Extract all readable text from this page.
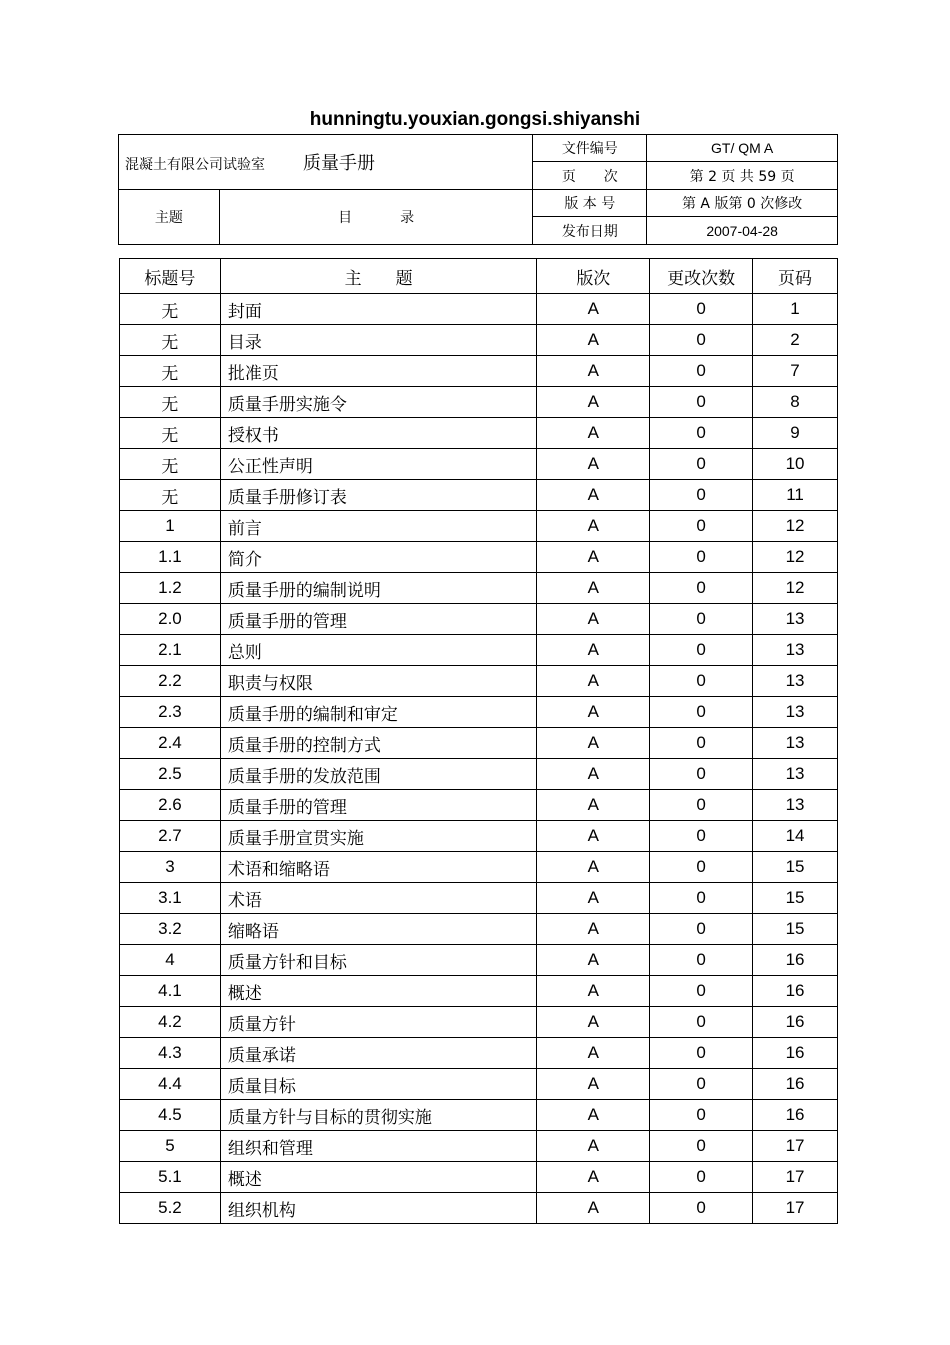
hunningtu.youxian.gongsi.shiyanshi
混凝土有限公司试验室 质量手册		文件编号	GT/ QM A
		页　　次	第 2 页 共 59 页
主题	目 录	版 本 号	第 A 版第 0 次修改
		发布日期	2007-04-28
标题号	主　　题	版次	更改次数	页码
无	封面	A	0	1
无	目录	A	0	2
无	批准页	A	0	7
无	质量手册实施令	A	0	8
无	授权书	A	0	9
无	公正性声明	A	0	10
无	质量手册修订表	A	0	11
1	前言	A	0	12
1.1	简介	A	0	12
1.2	质量手册的编制说明	A	0	12
2.0	质量手册的管理	A	0	13
2.1	总则	A	0	13
2.2	职责与权限	A	0	13
2.3	质量手册的编制和审定	A	0	13
2.4	质量手册的控制方式	A	0	13
2.5	质量手册的发放范围	A	0	13
2.6	质量手册的管理	A	0	13
2.7	质量手册宣贯实施	A	0	14
3	术语和缩略语	A	0	15
3.1	术语	A	0	15
3.2	缩略语	A	0	15
4	质量方针和目标	A	0	16
4.1	概述	A	0	16
4.2	质量方针	A	0	16
4.3	质量承诺	A	0	16
4.4	质量目标	A	0	16
4.5	质量方针与目标的贯彻实施	A	0	16
5	组织和管理	A	0	17
5.1	概述	A	0	17
5.2	组织机构	A	0	17
